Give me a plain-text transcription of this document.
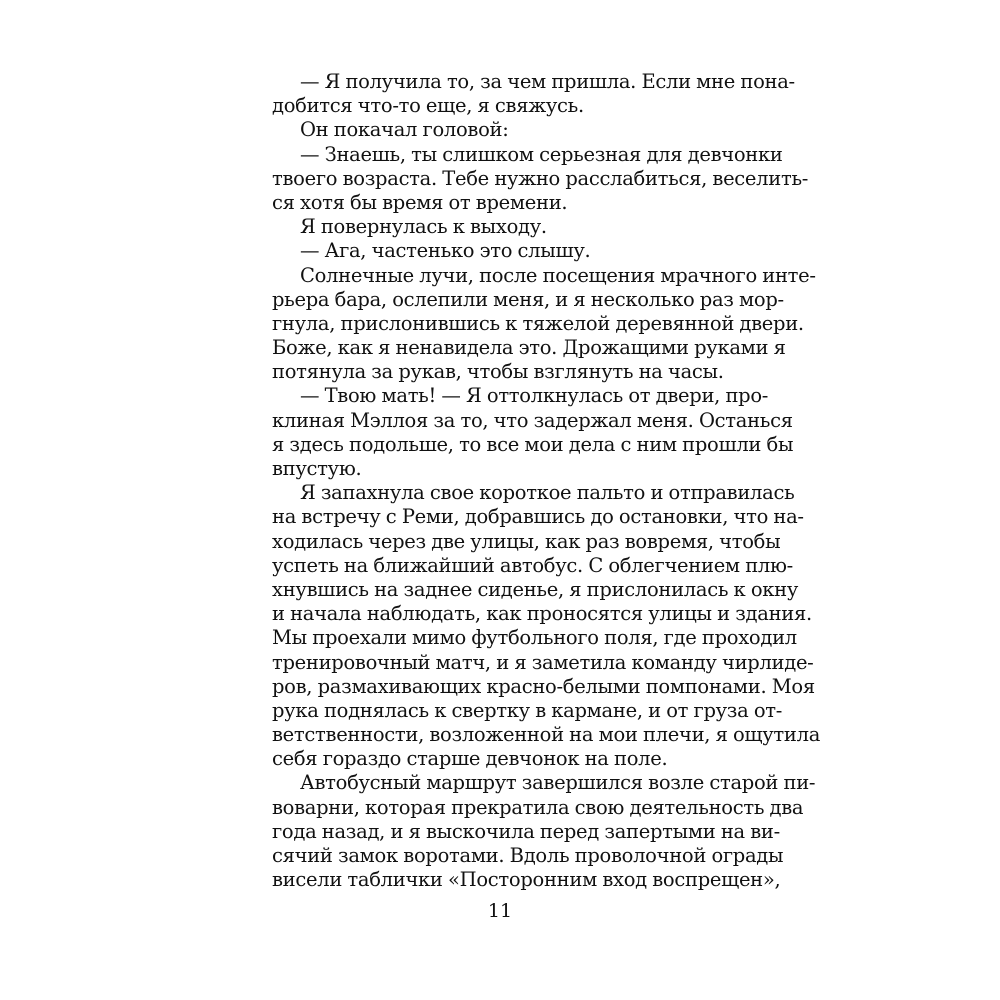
— Я получила то, за чем пришла. Если мне пона-
добится что-то еще, я свяжусь.
Он покачал головой:
— Знаешь, ты слишком серьезная для девчонки
твоего возраста. Тебе нужно расслабиться, веселить-
ся хотя бы время от времени.
Я повернулась к выходу.
— Ага, частенько это слышу.
Солнечные лучи, после посещения мрачного инте-
рьера бара, ослепили меня, и я несколько раз мор-
гнула, прислонившись к тяжелой деревянной двери.
Боже, как я ненавидела это. Дрожащими руками я
потянула за рукав, чтобы взглянуть на часы.
— Твою мать! — Я оттолкнулась от двери, про-
клиная Мэллоя за то, что задержал меня. Останься
я здесь подольше, то все мои дела с ним прошли бы
впустую.
Я запахнула свое короткое пальто и отправилась
на встречу с Реми, добравшись до остановки, что на-
ходилась через две улицы, как раз вовремя, чтобы
успеть на ближайший автобус. С облегчением плю-
хнувшись на заднее сиденье, я прислонилась к окну
и начала наблюдать, как проносятся улицы и здания.
Мы проехали мимо футбольного поля, где проходил
тренировочный матч, и я заметила команду чирлиде-
ров, размахивающих красно-белыми помпонами. Моя
рука поднялась к свертку в кармане, и от груза от-
ветственности, возложенной на мои плечи, я ощутила
себя гораздо старше девчонок на поле.
Автобусный маршрут завершился возле старой пи-
воварни, которая прекратила свою деятельность два
года назад, и я выскочила перед запертыми на ви-
сячий замок воротами. Вдоль проволочной ограды
висели таблички «Посторонним вход воспрещен»,
11
